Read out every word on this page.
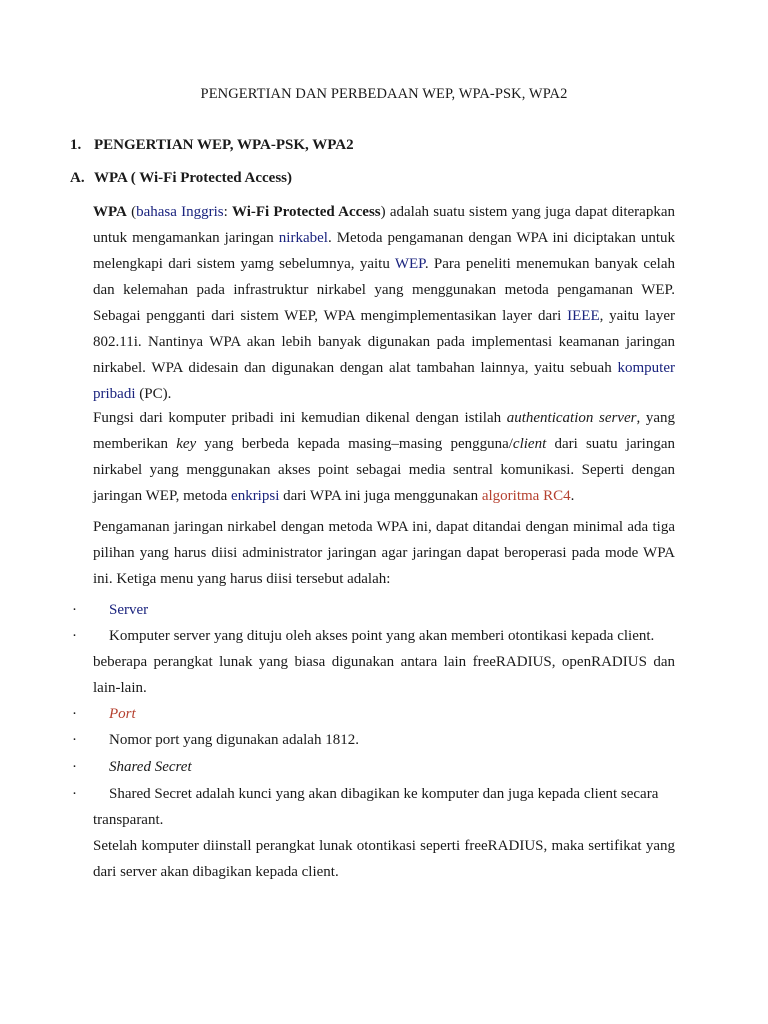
PENGERTIAN DAN PERBEDAAN WEP, WPA-PSK, WPA2
1. PENGERTIAN WEP, WPA-PSK, WPA2
A. WPA ( Wi-Fi Protected Access)

WPA (bahasa Inggris: Wi-Fi Protected Access) adalah suatu sistem yang juga dapat diterapkan untuk mengamankan jaringan nirkabel. Metoda pengamanan dengan WPA ini diciptakan untuk melengkapi dari sistem yamg sebelumnya, yaitu WEP. Para peneliti menemukan banyak celah dan kelemahan pada infrastruktur nirkabel yang menggunakan metoda pengamanan WEP. Sebagai pengganti dari sistem WEP, WPA mengimplementasikan layer dari IEEE, yaitu layer 802.11i. Nantinya WPA akan lebih banyak digunakan pada implementasi keamanan jaringan nirkabel. WPA didesain dan digunakan dengan alat tambahan lainnya, yaitu sebuah komputer pribadi (PC).

Fungsi dari komputer pribadi ini kemudian dikenal dengan istilah authentication server, yang memberikan key yang berbeda kepada masing–masing pengguna/client dari suatu jaringan nirkabel yang menggunakan akses point sebagai media sentral komunikasi. Seperti dengan jaringan WEP, metoda enkripsi dari WPA ini juga menggunakan algoritma RC4.

Pengamanan jaringan nirkabel dengan metoda WPA ini, dapat ditandai dengan minimal ada tiga pilihan yang harus diisi administrator jaringan agar jaringan dapat beroperasi pada mode WPA ini. Ketiga menu yang harus diisi tersebut adalah:

· Server
· Komputer server yang dituju oleh akses point yang akan memberi otontikasi kepada client.

beberapa perangkat lunak yang biasa digunakan antara lain freeRADIUS, openRADIUS dan lain-lain.

· Port
· Nomor port yang digunakan adalah 1812.
· Shared Secret
· Shared Secret adalah kunci yang akan dibagikan ke komputer dan juga kepada client secara

transparant.

Setelah komputer diinstall perangkat lunak otontikasi seperti freeRADIUS, maka sertifikat yang dari server akan dibagikan kepada client.
